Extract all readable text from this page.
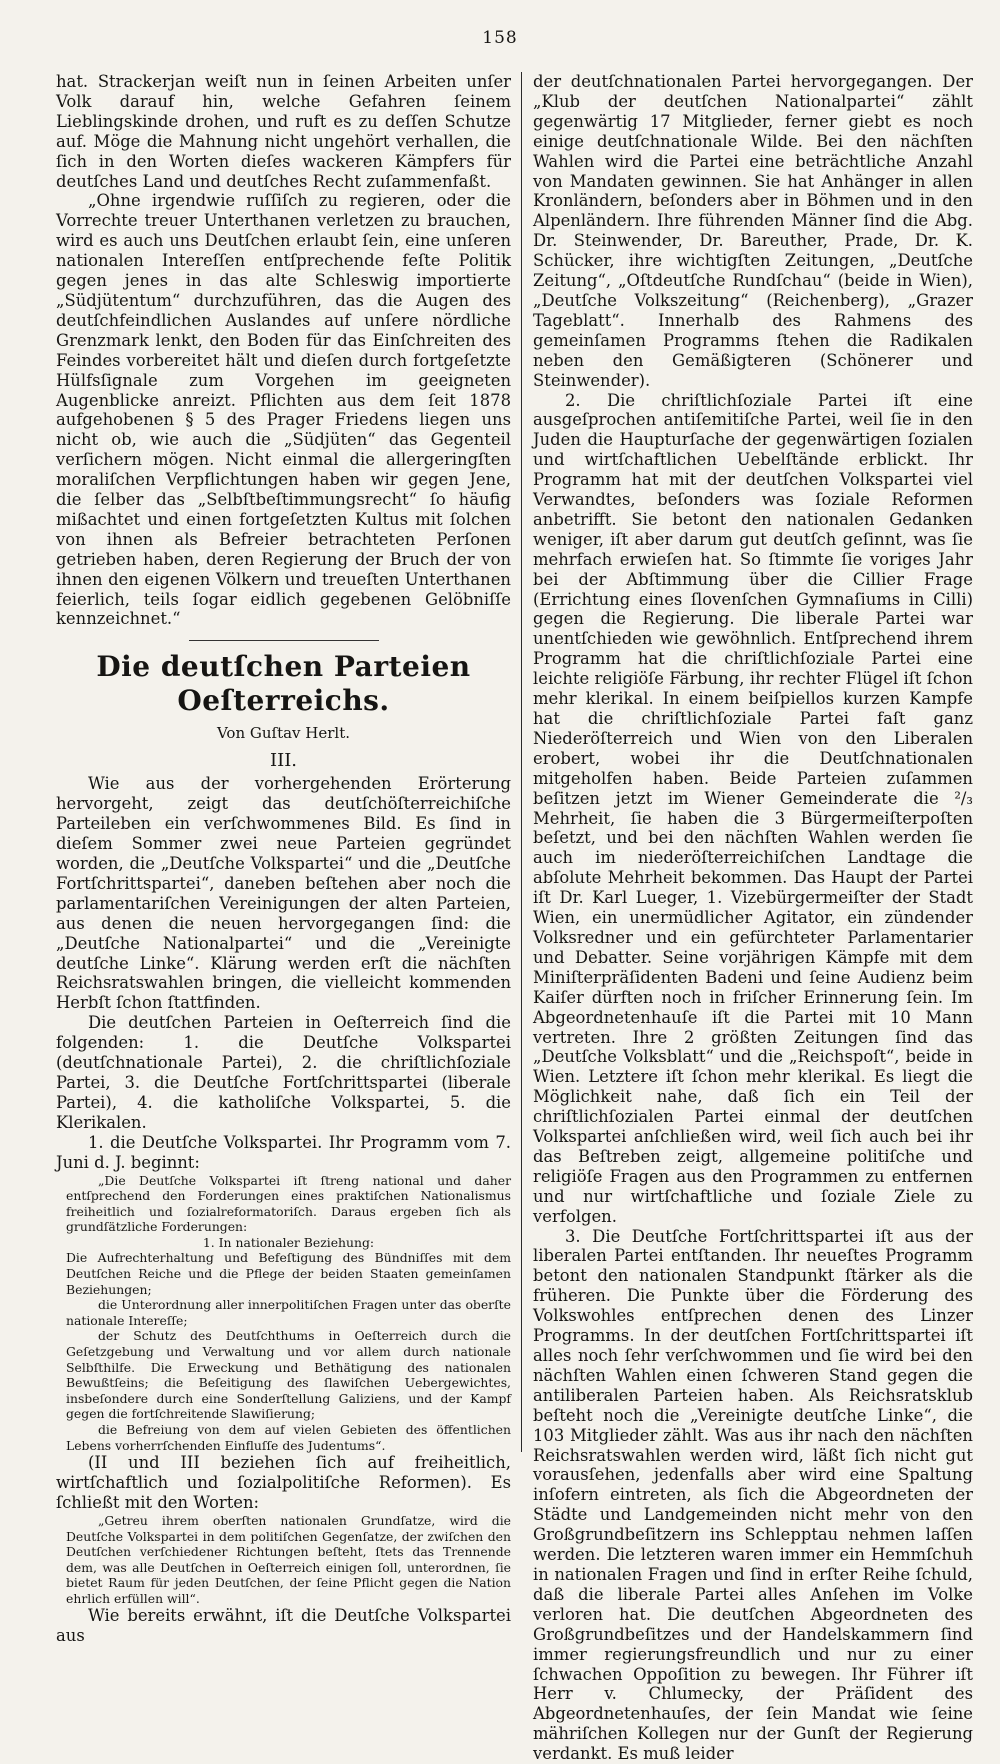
158

hat. Strackerjan weiſt nun in ſeinen Arbeiten unſer Volk darauf hin, welche Gefahren ſeinem Lieblingskinde drohen, und ruft es zu deſſen Schutze auf. Möge die Mahnung nicht ungehört verhallen, die ſich in den Worten dieſes wackeren Kämpfers für deutſches Land und deutſches Recht zuſammenfaßt.

„Ohne irgendwie ruſſiſch zu regieren, oder die Vorrechte treuer Unterthanen verletzen zu brauchen, wird es auch uns Deutſchen erlaubt ſein, eine unſeren nationalen Intereſſen entſprechende feſte Politik gegen jenes in das alte Schleswig importierte „Südjütentum“ durchzuführen, das die Augen des deutſchfeindlichen Auslandes auf unſere nördliche Grenzmark lenkt, den Boden für das Einſchreiten des Feindes vorbereitet hält und dieſen durch fortgeſetzte Hülfsſignale zum Vorgehen im geeigneten Augenblicke anreizt. Pflichten aus dem ſeit 1878 aufgehobenen § 5 des Prager Friedens liegen uns nicht ob, wie auch die „Südjüten“ das Gegenteil verſichern mögen. Nicht einmal die allergeringſten moraliſchen Verpflichtungen haben wir gegen Jene, die ſelber das „Selbſtbeſtimmungsrecht“ ſo häufig mißachtet und einen fortgeſetzten Kultus mit ſolchen von ihnen als Befreier betrachteten Perſonen getrieben haben, deren Regierung der Bruch der von ihnen den eigenen Völkern und treueſten Unterthanen feierlich, teils ſogar eidlich gegebenen Gelöbniſſe kennzeichnet.“

Die deutſchen Parteien Oeſterreichs.
Von Guſtav Herlt.
III.

Wie aus der vorhergehenden Erörterung hervorgeht, zeigt das deutſchöſterreichiſche Parteileben ein verſchwommenes Bild. Es ſind in dieſem Sommer zwei neue Parteien gegründet worden, die „Deutſche Volkspartei“ und die „Deutſche Fortſchrittspartei“, daneben beſtehen aber noch die parlamentariſchen Vereinigungen der alten Parteien, aus denen die neuen hervorgegangen ſind: die „Deutſche Nationalpartei“ und die „Vereinigte deutſche Linke“. Klärung werden erſt die nächſten Reichsratswahlen bringen, die vielleicht kommenden Herbſt ſchon ſtattfinden.

Die deutſchen Parteien in Oeſterreich ſind die folgenden: 1. die Deutſche Volkspartei (deutſchnationale Partei), 2. die chriſtlichſoziale Partei, 3. die Deutſche Fortſchrittspartei (liberale Partei), 4. die katholiſche Volkspartei, 5. die Klerikalen.

1. die Deutſche Volkspartei. Ihr Programm vom 7. Juni d. J. beginnt:

„Die Deutſche Volkspartei iſt ſtreng national und daher entſprechend den Forderungen eines praktiſchen Nationalismus freiheitlich und ſozialreformatoriſch. Daraus ergeben ſich als grundſätzliche Forderungen:

1. In nationaler Beziehung:

Die Aufrechterhaltung und Befeſtigung des Bündniſſes mit dem Deutſchen Reiche und die Pflege der beiden Staaten gemeinſamen Beziehungen;

die Unterordnung aller innerpolitiſchen Fragen unter das oberſte nationale Intereſſe;

der Schutz des Deutſchthums in Oeſterreich durch die Geſetzgebung und Verwaltung und vor allem durch nationale Selbſthilfe. Die Erweckung und Bethätigung des nationalen Bewußtſeins; die Beſeitigung des ſlawiſchen Uebergewichtes, insbeſondere durch eine Sonderſtellung Galiziens, und der Kampf gegen die fortſchreitende Slawiſierung;

die Befreiung von dem auf vielen Gebieten des öffentlichen Lebens vorherrſchenden Einfluſſe des Judentums“.

(II und III beziehen ſich auf freiheitlich, wirtſchaftlich und ſozialpolitiſche Reformen). Es ſchließt mit den Worten:

„Getreu ihrem oberſten nationalen Grundſatze, wird die Deutſche Volkspartei in dem politiſchen Gegenſatze, der zwiſchen den Deutſchen verſchiedener Richtungen beſteht, ſtets das Trennende dem, was alle Deutſchen in Oeſterreich einigen ſoll, unterordnen, ſie bietet Raum für jeden Deutſchen, der ſeine Pflicht gegen die Nation ehrlich erfüllen will“.

Wie bereits erwähnt, iſt die Deutſche Volkspartei aus

der deutſchnationalen Partei hervorgegangen. Der „Klub der deutſchen Nationalpartei“ zählt gegenwärtig 17 Mitglieder, ferner giebt es noch einige deutſchnationale Wilde. Bei den nächſten Wahlen wird die Partei eine beträchtliche Anzahl von Mandaten gewinnen. Sie hat Anhänger in allen Kronländern, beſonders aber in Böhmen und in den Alpenländern. Ihre führenden Männer ſind die Abg. Dr. Steinwender, Dr. Bareuther, Prade, Dr. K. Schücker, ihre wichtigſten Zeitungen, „Deutſche Zeitung“, „Oſtdeutſche Rundſchau“ (beide in Wien), „Deutſche Volkszeitung“ (Reichenberg), „Grazer Tageblatt“. Innerhalb des Rahmens des gemeinſamen Programms ſtehen die Radikalen neben den Gemäßigteren (Schönerer und Steinwender).

2. Die chriſtlichſoziale Partei iſt eine ausgeſprochen antiſemitiſche Partei, weil ſie in den Juden die Haupturſache der gegenwärtigen ſozialen und wirtſchaftlichen Uebelſtände erblickt. Ihr Programm hat mit der deutſchen Volkspartei viel Verwandtes, beſonders was ſoziale Reformen anbetrifft. Sie betont den nationalen Gedanken weniger, iſt aber darum gut deutſch geſinnt, was ſie mehrfach erwieſen hat. So ſtimmte ſie voriges Jahr bei der Abſtimmung über die Cillier Frage (Errichtung eines ſlovenſchen Gymnaſiums in Cilli) gegen die Regierung. Die liberale Partei war unentſchieden wie gewöhnlich. Entſprechend ihrem Programm hat die chriſtlichſoziale Partei eine leichte religiöſe Färbung, ihr rechter Flügel iſt ſchon mehr klerikal. In einem beiſpiellos kurzen Kampfe hat die chriſtlichſoziale Partei faſt ganz Niederöſterreich und Wien von den Liberalen erobert, wobei ihr die Deutſchnationalen mitgeholfen haben. Beide Parteien zuſammen beſitzen jetzt im Wiener Gemeinderate die ²/₃ Mehrheit, ſie haben die 3 Bürgermeiſterpoſten beſetzt, und bei den nächſten Wahlen werden ſie auch im niederöſterreichiſchen Landtage die abſolute Mehrheit bekommen. Das Haupt der Partei iſt Dr. Karl Lueger, 1. Vizebürgermeiſter der Stadt Wien, ein unermüdlicher Agitator, ein zündender Volksredner und ein gefürchteter Parlamentarier und Debatter. Seine vorjährigen Kämpfe mit dem Miniſterpräſidenten Badeni und ſeine Audienz beim Kaiſer dürften noch in friſcher Erinnerung ſein. Im Abgeordnetenhauſe iſt die Partei mit 10 Mann vertreten. Ihre 2 größten Zeitungen ſind das „Deutſche Volksblatt“ und die „Reichspoſt“, beide in Wien. Letztere iſt ſchon mehr klerikal. Es liegt die Möglichkeit nahe, daß ſich ein Teil der chriſtlichſozialen Partei einmal der deutſchen Volkspartei anſchließen wird, weil ſich auch bei ihr das Beſtreben zeigt, allgemeine politiſche und religiöſe Fragen aus den Programmen zu entfernen und nur wirtſchaftliche und ſoziale Ziele zu verfolgen.

3. Die Deutſche Fortſchrittspartei iſt aus der liberalen Partei entſtanden. Ihr neueſtes Programm betont den nationalen Standpunkt ſtärker als die früheren. Die Punkte über die Förderung des Volkswohles entſprechen denen des Linzer Programms. In der deutſchen Fortſchrittspartei iſt alles noch ſehr verſchwommen und ſie wird bei den nächſten Wahlen einen ſchweren Stand gegen die antiliberalen Parteien haben. Als Reichsratsklub beſteht noch die „Vereinigte deutſche Linke“, die 103 Mitglieder zählt. Was aus ihr nach den nächſten Reichsratswahlen werden wird, läßt ſich nicht gut vorausſehen, jedenfalls aber wird eine Spaltung inſofern eintreten, als ſich die Abgeordneten der Städte und Landgemeinden nicht mehr von den Großgrundbeſitzern ins Schlepptau nehmen laſſen werden. Die letzteren waren immer ein Hemmſchuh in nationalen Fragen und ſind in erſter Reihe ſchuld, daß die liberale Partei alles Anſehen im Volke verloren hat. Die deutſchen Abgeordneten des Großgrundbeſitzes und der Handelskammern ſind immer regierungsfreundlich und nur zu einer ſchwachen Oppoſition zu bewegen. Ihr Führer iſt Herr v. Chlumecky, der Präſident des Abgeordnetenhauſes, der ſein Mandat wie ſeine mähriſchen Kollegen nur der Gunſt der Regierung verdankt. Es muß leider
